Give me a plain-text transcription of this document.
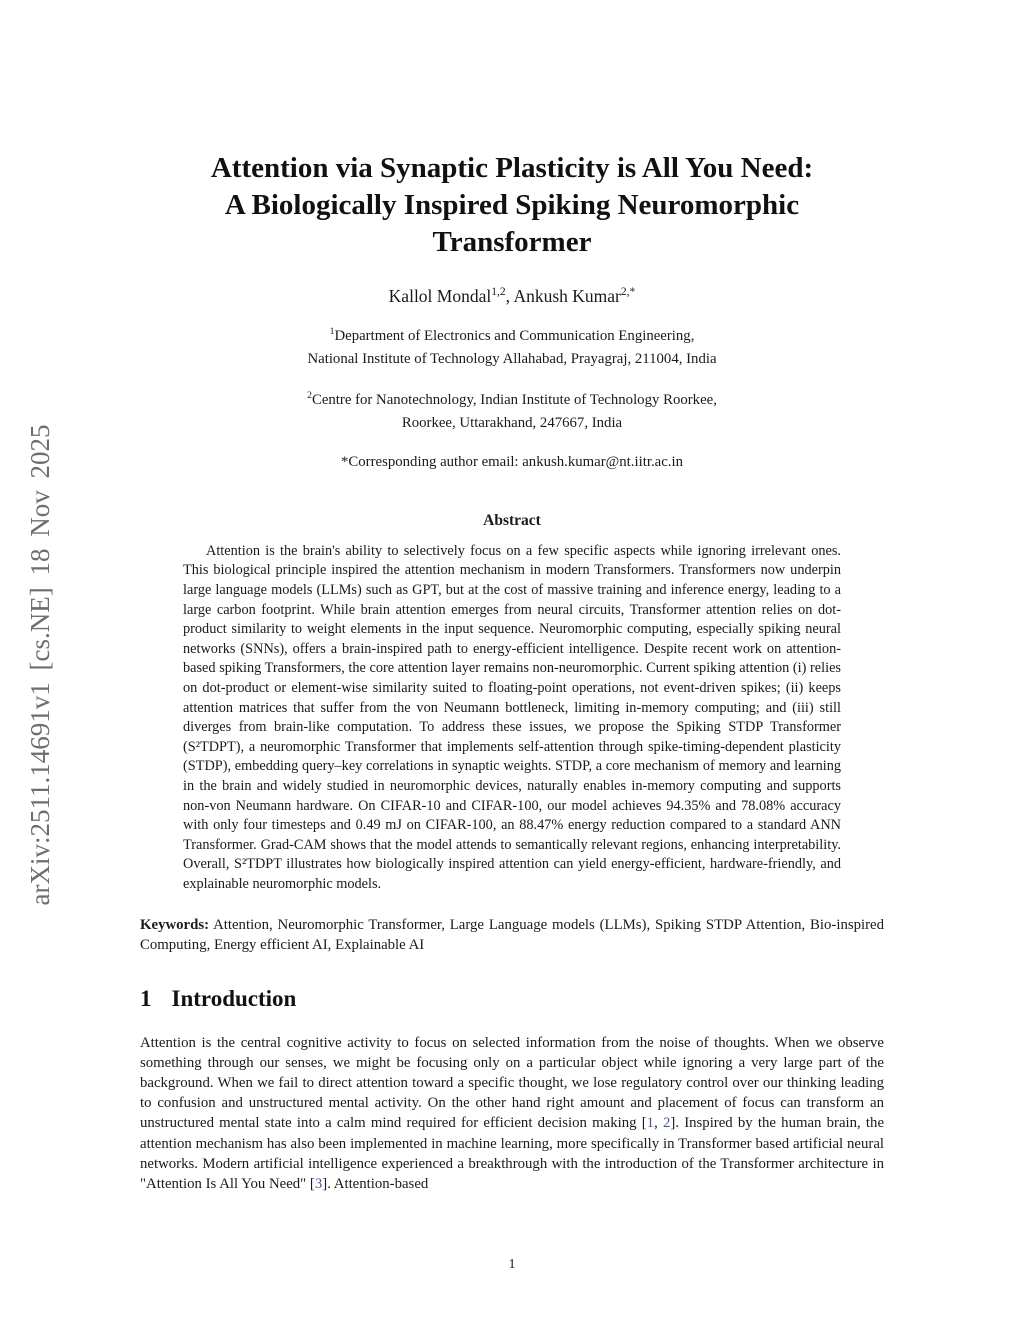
arXiv:2511.14691v1 [cs.NE] 18 Nov 2025
Attention via Synaptic Plasticity is All You Need:
A Biologically Inspired Spiking Neuromorphic
Transformer
Kallol Mondal$^{1,2}$, Ankush Kumar$^{2,*}$
$^1$Department of Electronics and Communication Engineering,
National Institute of Technology Allahabad, Prayagraj, 211004, India
$^2$Centre for Nanotechnology, Indian Institute of Technology Roorkee,
Roorkee, Uttarakhand, 247667, India
*Corresponding author email: ankush.kumar@nt.iitr.ac.in
Abstract
Attention is the brain's ability to selectively focus on a few specific aspects while ignoring irrelevant ones. This biological principle inspired the attention mechanism in modern Transformers. Transformers now underpin large language models (LLMs) such as GPT, but at the cost of massive training and inference energy, leading to a large carbon footprint. While brain attention emerges from neural circuits, Transformer attention relies on dot-product similarity to weight elements in the input sequence. Neuromorphic computing, especially spiking neural networks (SNNs), offers a brain-inspired path to energy-efficient intelligence. Despite recent work on attention-based spiking Transformers, the core attention layer remains non-neuromorphic. Current spiking attention (i) relies on dot-product or element-wise similarity suited to floating-point operations, not event-driven spikes; (ii) keeps attention matrices that suffer from the von Neumann bottleneck, limiting in-memory computing; and (iii) still diverges from brain-like computation. To address these issues, we propose the Spiking STDP Transformer (S²TDPT), a neuromorphic Transformer that implements self-attention through spike-timing-dependent plasticity (STDP), embedding query–key correlations in synaptic weights. STDP, a core mechanism of memory and learning in the brain and widely studied in neuromorphic devices, naturally enables in-memory computing and supports non-von Neumann hardware. On CIFAR-10 and CIFAR-100, our model achieves 94.35% and 78.08% accuracy with only four timesteps and 0.49 mJ on CIFAR-100, an 88.47% energy reduction compared to a standard ANN Transformer. Grad-CAM shows that the model attends to semantically relevant regions, enhancing interpretability. Overall, S²TDPT illustrates how biologically inspired attention can yield energy-efficient, hardware-friendly, and explainable neuromorphic models.
Keywords: Attention, Neuromorphic Transformer, Large Language models (LLMs), Spiking STDP Attention, Bio-inspired Computing, Energy efficient AI, Explainable AI
1 Introduction
Attention is the central cognitive activity to focus on selected information from the noise of thoughts. When we observe something through our senses, we might be focusing only on a particular object while ignoring a very large part of the background. When we fail to direct attention toward a specific thought, we lose regulatory control over our thinking leading to confusion and unstructured mental activity. On the other hand right amount and placement of focus can transform an unstructured mental state into a calm mind required for efficient decision making [1, 2]. Inspired by the human brain, the attention mechanism has also been implemented in machine learning, more specifically in Transformer based artificial neural networks. Modern artificial intelligence experienced a breakthrough with the introduction of the Transformer architecture in "Attention Is All You Need" [3]. Attention-based
1
